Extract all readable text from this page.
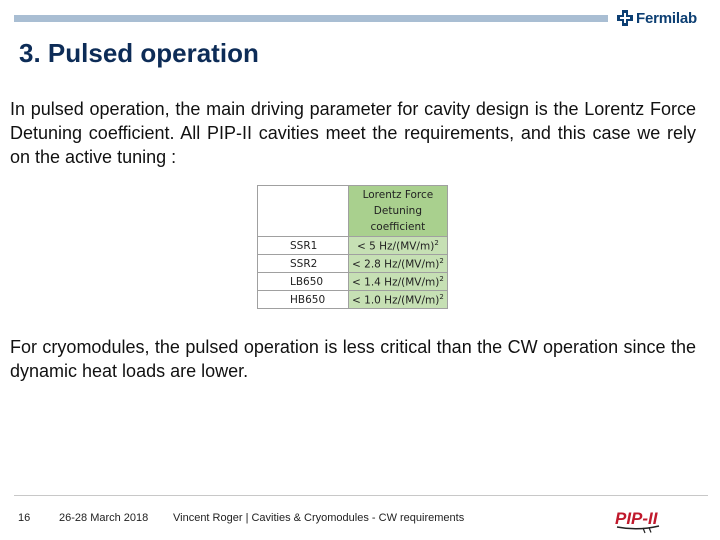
Fermilab
3. Pulsed operation
In pulsed operation, the main driving parameter for cavity design is the Lorentz Force Detuning coefficient. All PIP-II cavities meet the requirements, and this case we rely on the active tuning :

	Lorentz Force
Detuning
coefficient

SSR1	< 5 $Hz/(MV/m)^2$
SSR2	< 2.8 $Hz/(MV/m)^2$
LB650	< 1.4 $Hz/(MV/m)^2$
HB650	< 1.0 $Hz/(MV/m)^2$
For cryomodules, the pulsed operation is less critical than the CW operation since the dynamic heat loads are lower.
16	26-28 March 2018 Vincent Roger | Cavities & Cryomodules - CW requirements	PIP-II
